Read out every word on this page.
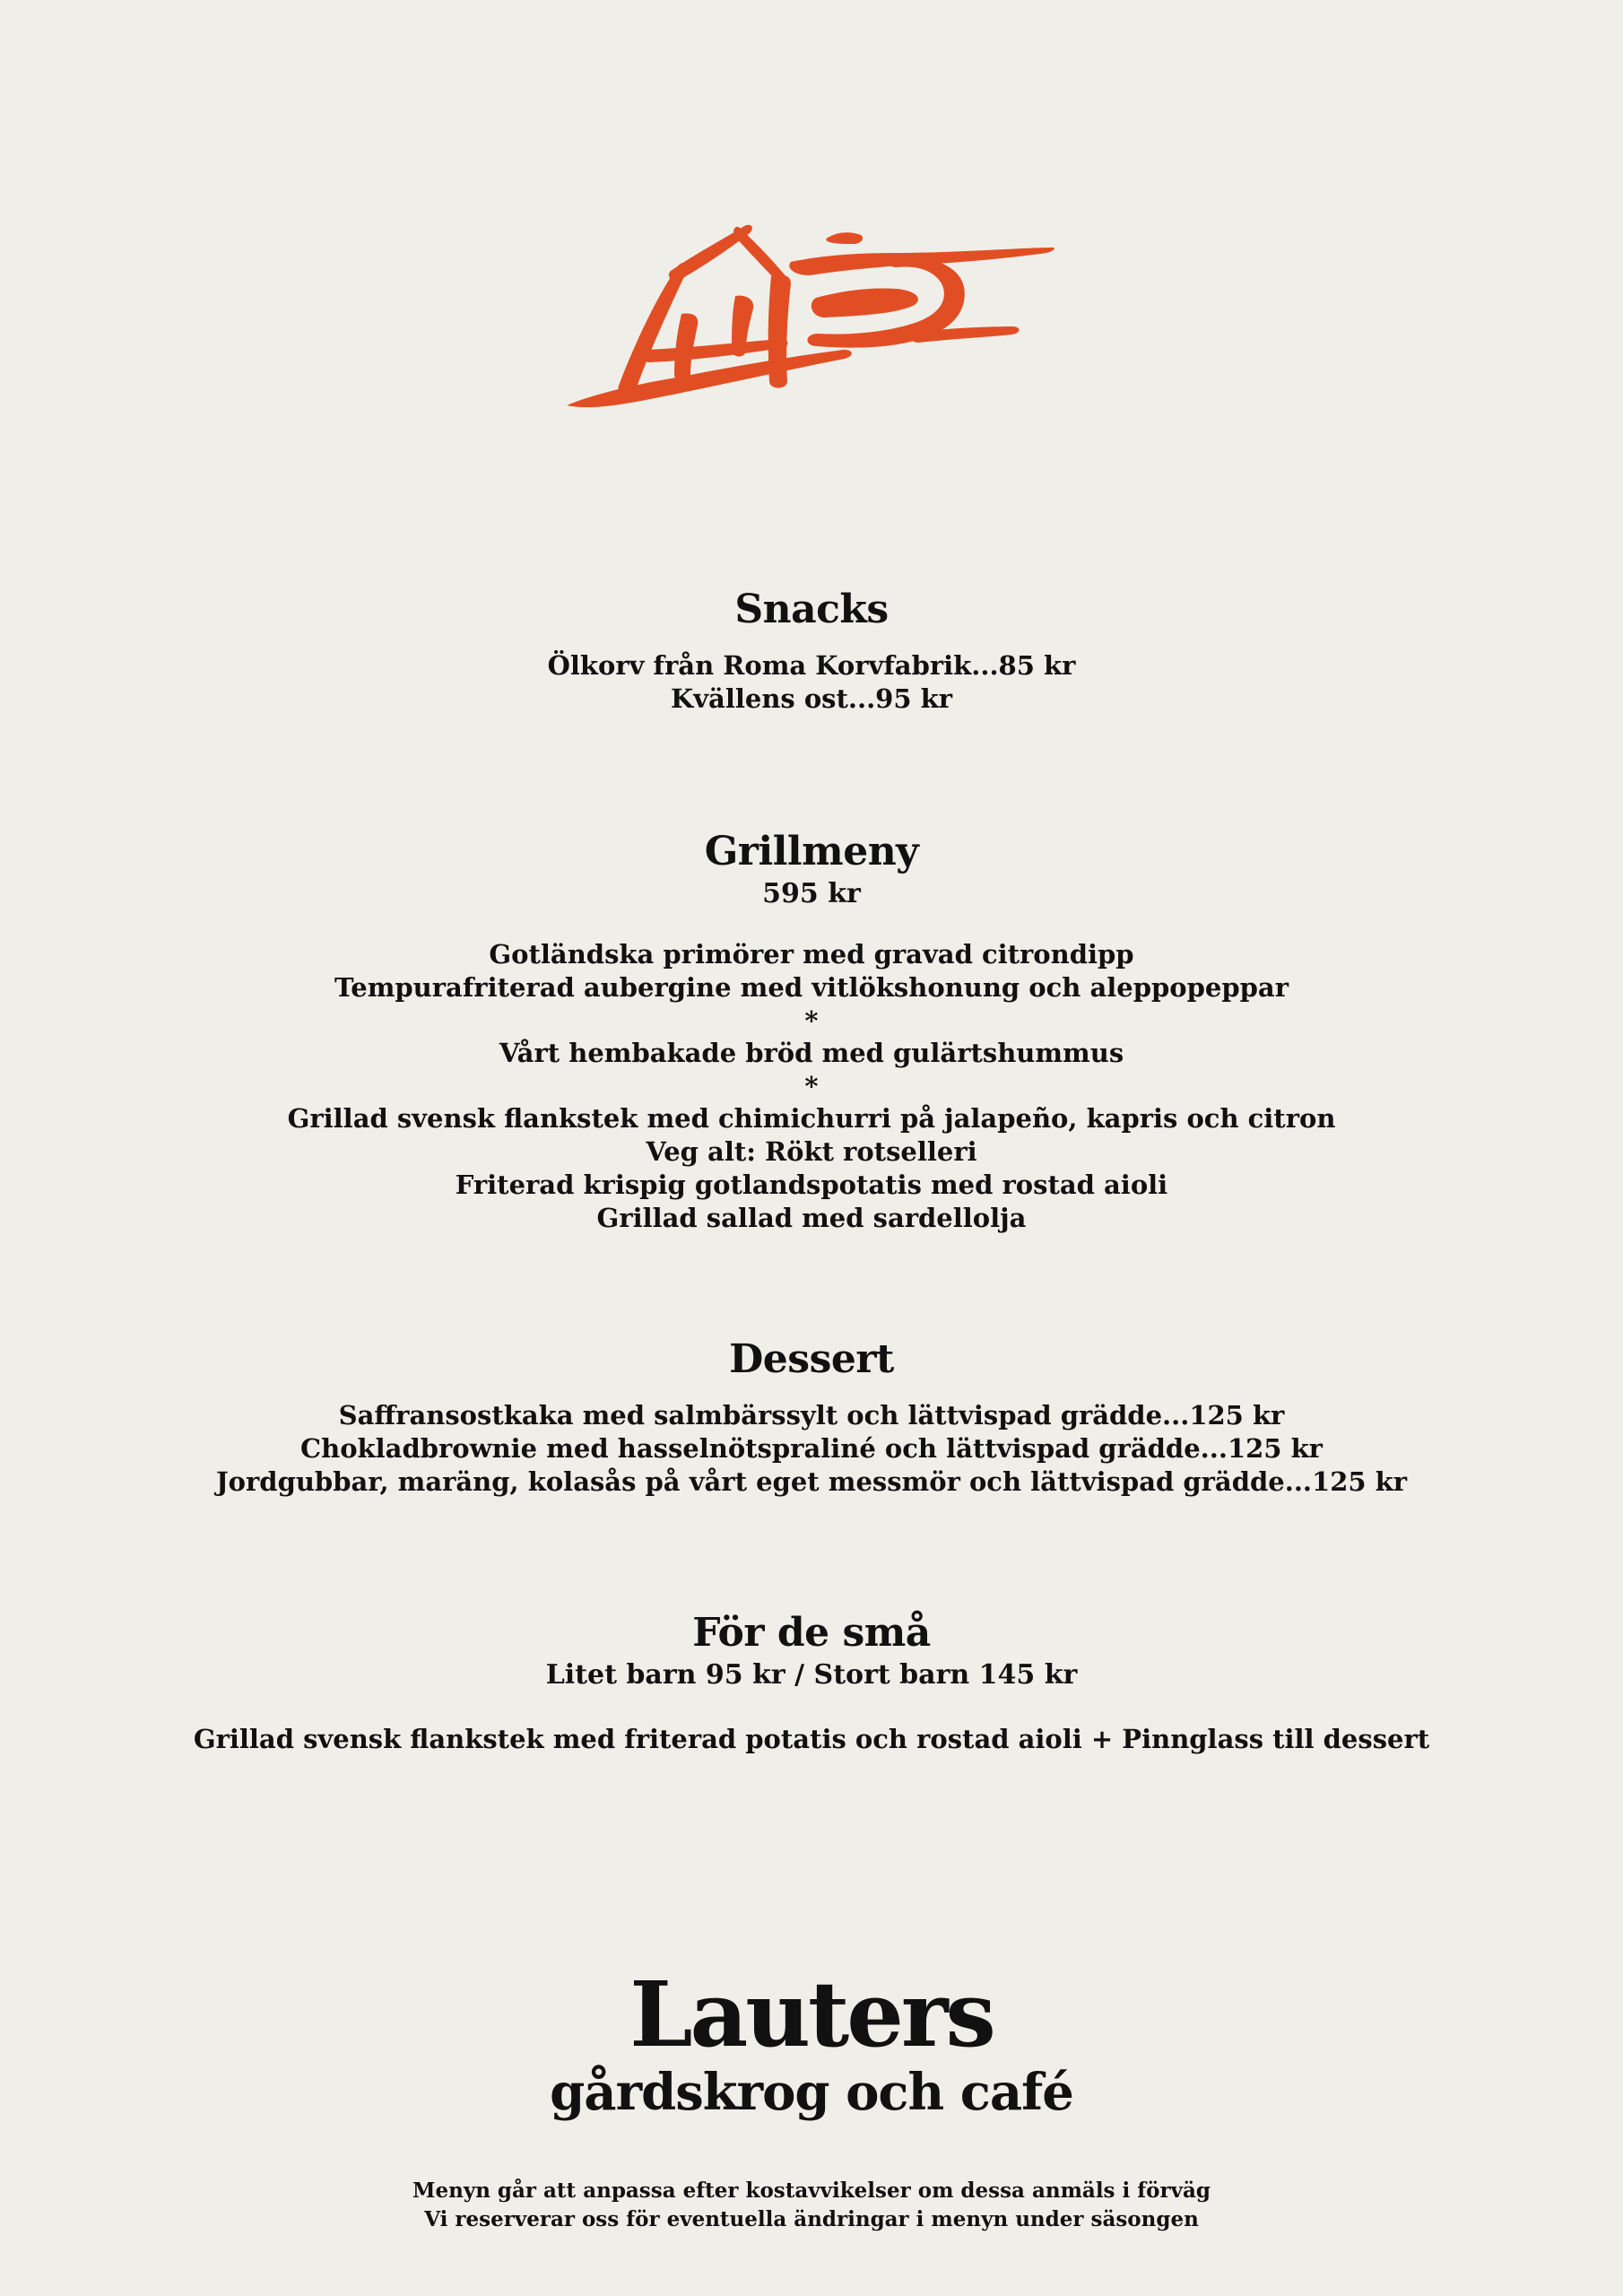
Snacks

Ölkorv från Roma Korvfabrik...85 kr

Kvällens ost...95 kr

Grillmeny

595 kr

Gotländska primörer med gravad citrondipp

Tempurafriterad aubergine med vitlökshonung och aleppopeppar

*

Vårt hembakade bröd med gulärtshummus

*

Grillad svensk flankstek med chimichurri på jalapeño, kapris och citron

Veg alt: Rökt rotselleri

Friterad krispig gotlandspotatis med rostad aioli

Grillad sallad med sardellolja

Dessert

Saffransostkaka med salmbärssylt och lättvispad grädde...125 kr

Chokladbrownie med hasselnötspraliné och lättvispad grädde...125 kr

Jordgubbar, maräng, kolasås på vårt eget messmör och lättvispad grädde...125 kr

För de små

Litet barn 95 kr / Stort barn 145 kr

Grillad svensk flankstek med friterad potatis och rostad aioli + Pinnglass till dessert

Lauters

gårdskrog och café

Menyn går att anpassa efter kostavvikelser om dessa anmäls i förväg

Vi reserverar oss för eventuella ändringar i menyn under säsongen
